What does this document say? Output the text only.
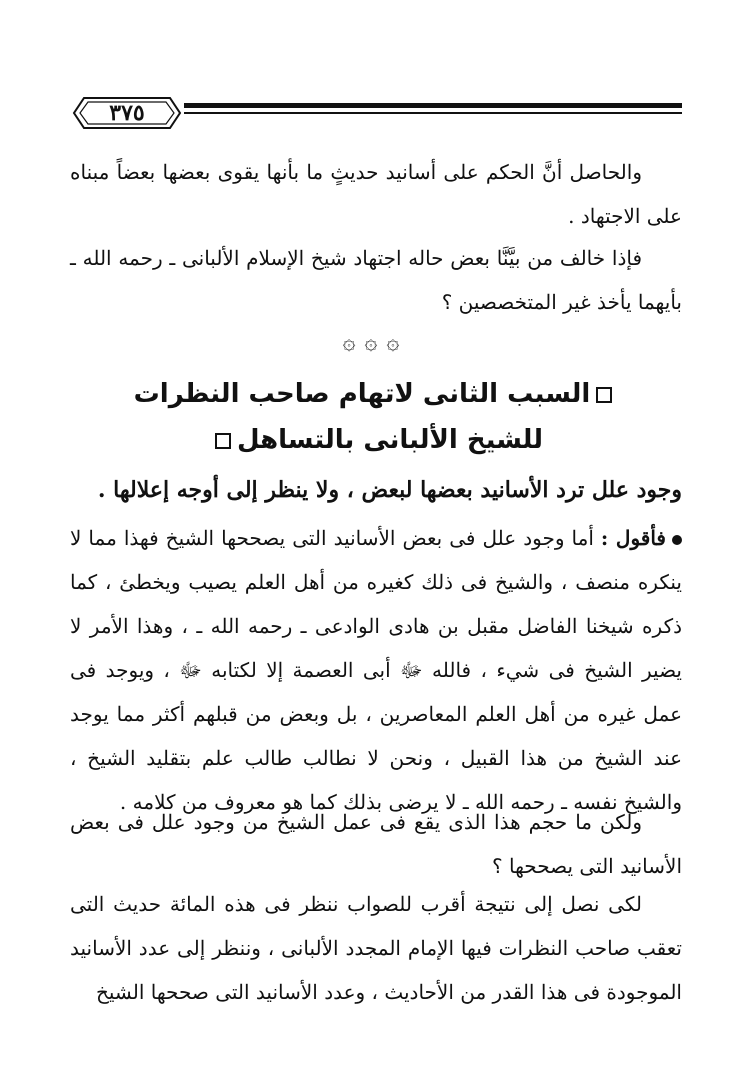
٣٧٥

والحاصل أنَّ الحكم على أسانيد حديثٍ ما بأنها يقوى بعضها بعضاً مبناه على الاجتهاد .

فإذا خالف من بيَّنَّا بعض حاله اجتهاد شيخ الإسلام الألبانى ـ رحمه الله ـ بأيهما يأخذ غير المتخصصين ؟

۞ ۞ ۞

السبب الثانى لاتهام صاحب النظرات

للشيخ الألبانى بالتساهل

وجود علل ترد الأسانيد بعضها لبعض ، ولا ينظر إلى أوجه إعلالها .

فأقول : أما وجود علل فى بعض الأسانيد التى يصححها الشيخ فهذا مما لا ينكره منصف ، والشيخ فى ذلك كغيره من أهل العلم يصيب ويخطئ ، كما ذكره شيخنا الفاضل مقبل بن هادى الوادعى ـ رحمه الله ـ ، وهذا الأمر لا يضير الشيخ فى شيء ، فالله ﷻ أبى العصمة إلا لكتابه ﷻ ، ويوجد فى عمل غيره من أهل العلم المعاصرين ، بل وبعض من قبلهم أكثر مما يوجد عند الشيخ من هذا القبيل ، ونحن لا نطالب طالب علم بتقليد الشيخ ، والشيخ نفسه ـ رحمه الله ـ لا يرضى بذلك كما هو معروف من كلامه .

ولكن ما حجم هذا الذى يقع فى عمل الشيخ من وجود علل فى بعض الأسانيد التى يصححها ؟

لكى نصل إلى نتيجة أقرب للصواب ننظر فى هذه المائة حديث التى تعقب صاحب النظرات فيها الإمام المجدد الألبانى ، وننظر إلى عدد الأسانيد الموجودة فى هذا القدر من الأحاديث ، وعدد الأسانيد التى صححها الشيخ
